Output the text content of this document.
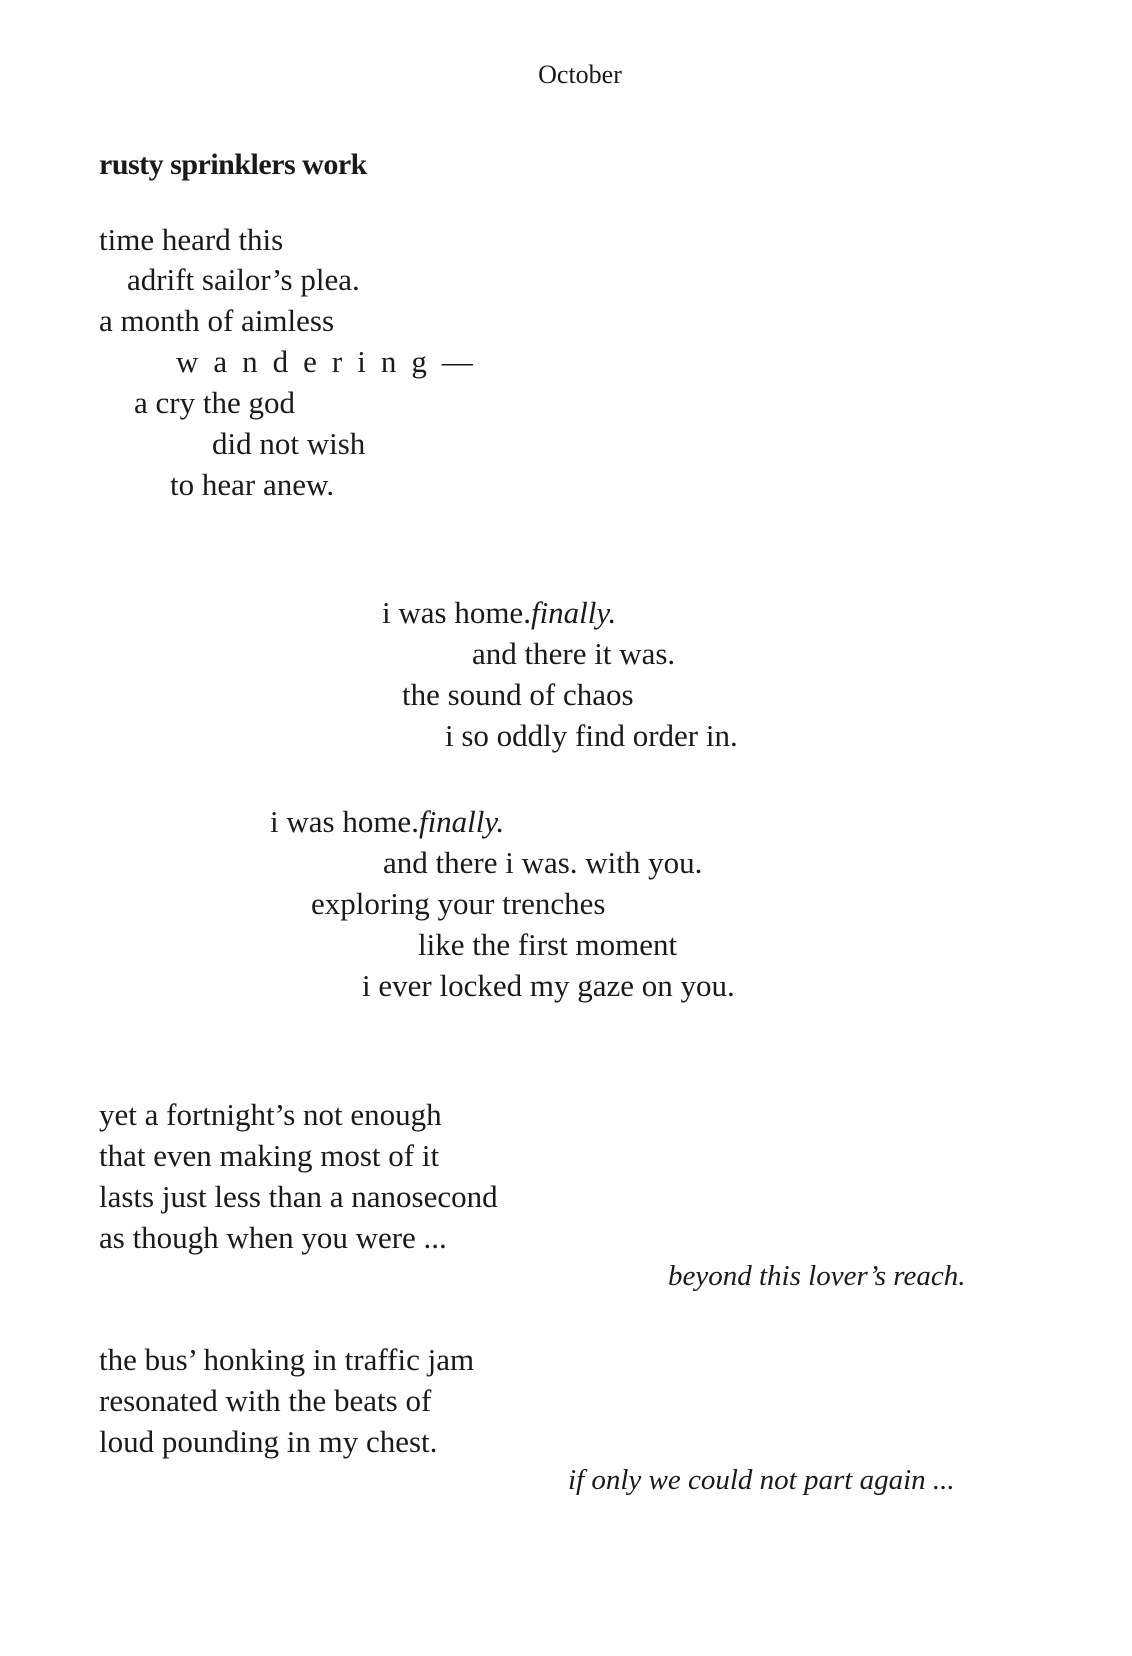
October
rusty sprinklers work
time heard this
adrift sailor’s plea.
a month of aimless
wandering—
a cry the god
did not wish
to hear anew.
i was home.finally.
and there it was.
the sound of chaos
i so oddly find order in.
i was home.finally.
and there i was. with you.
exploring your trenches
like the first moment
i ever locked my gaze on you.
yet a fortnight’s not enough
that even making most of it
lasts just less than a nanosecond
as though when you were ...
beyond this lover’s reach.
the bus’ honking in traffic jam
resonated with the beats of
loud pounding in my chest.
if only we could not part again ...
